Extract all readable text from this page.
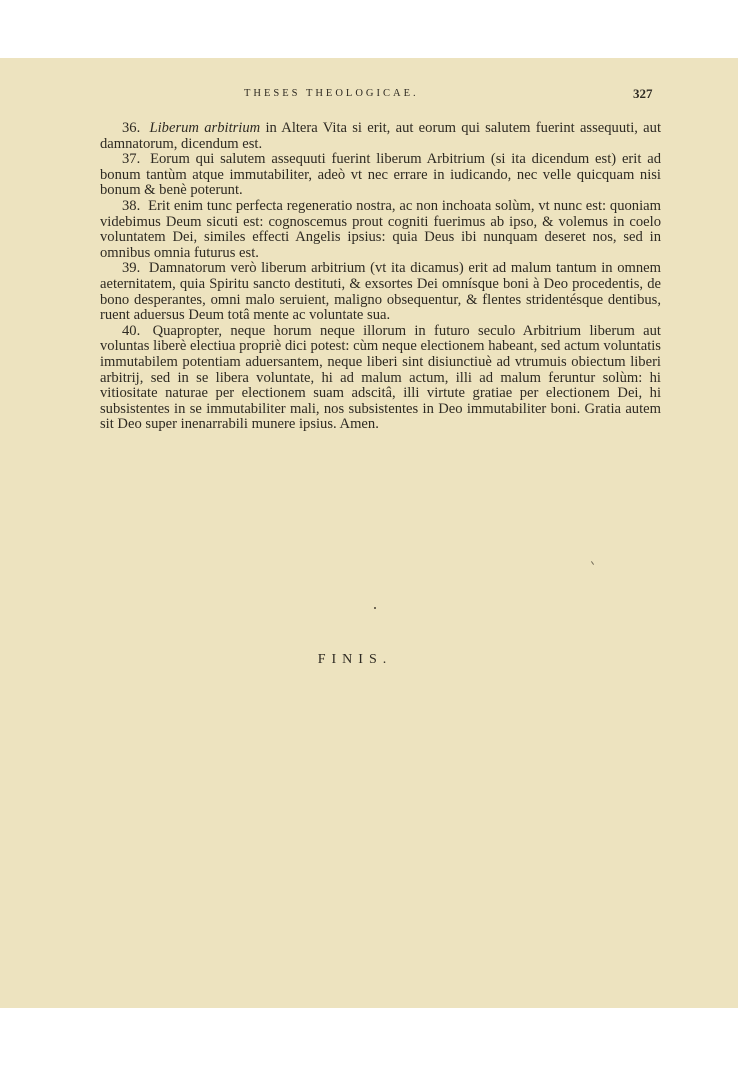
THESES THEOLOGICAE.	327

36. Liberum arbitrium in Altera Vita si erit, aut eorum qui salutem fuerint assequuti, aut damnatorum, dicendum est.

37. Eorum qui salutem assequuti fuerint liberum Arbitrium (si ita dicendum est) erit ad bonum tantùm atque immutabiliter, adeò vt nec errare in iudicando, nec velle quicquam nisi bonum & benè poterunt.

38. Erit enim tunc perfecta regeneratio nostra, ac non inchoata solùm, vt nunc est: quoniam videbimus Deum sicuti est: cognoscemus prout cogniti fuerimus ab ipso, & volemus in coelo voluntatem Dei, similes effecti Angelis ipsius: quia Deus ibi nunquam deseret nos, sed in omnibus omnia futurus est.

39. Damnatorum verò liberum arbitrium (vt ita dicamus) erit ad malum tantum in omnem aeternitatem, quia Spiritu sancto destituti, & exsortes Dei omnísque boni à Deo procedentis, de bono desperantes, omni malo seruient, maligno obsequentur, & flentes stridentésque dentibus, ruent aduersus Deum totâ mente ac voluntate sua.

40. Quapropter, neque horum neque illorum in futuro seculo Arbitrium liberum aut voluntas liberè electiua propriè dici potest: cùm neque electionem habeant, sed actum voluntatis immutabilem potentiam aduersantem, neque liberi sint disiunctiuè ad vtrumuis obiectum liberi arbitrij, sed in se libera voluntate, hi ad malum actum, illi ad malum feruntur solùm: hi vitiositate naturae per electionem suam adscitâ, illi virtute gratiae per electionem Dei, hi subsistentes in se immutabiliter mali, nos subsistentes in Deo immutabiliter boni. Gratia autem sit Deo super inenarrabili munere ipsius. Amen.

FINIS.
